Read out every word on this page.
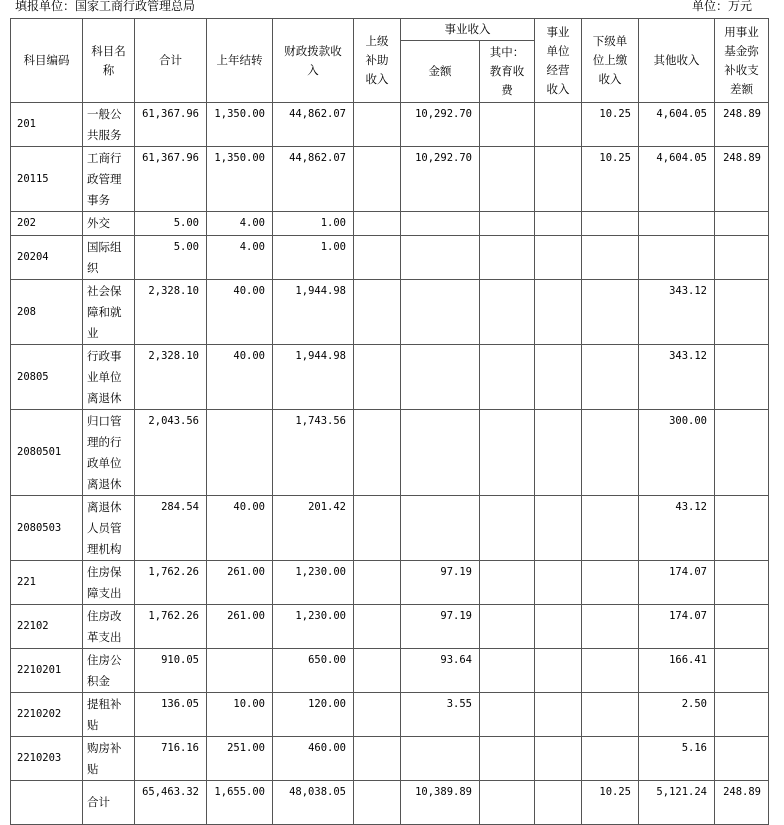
填报单位：国家工商行政管理总局	单位：万元
科目编码	科目名称	合计	上年结转	财政拨款收入	上级补助收入	事业收入		事业单位经营收入	下级单位上缴收入	其他收入	用事业基金弥补收支差额
						金额	其中：教育收费				
201	一般公共服务	61,367.96	1,350.00	44,862.07		10,292.70			10.25	4,604.05	248.89
20115	工商行政管理事务	61,367.96	1,350.00	44,862.07		10,292.70			10.25	4,604.05	248.89
202	外交	5.00	4.00	1.00							
20204	国际组织	5.00	4.00	1.00							
208	社会保障和就业	2,328.10	40.00	1,944.98						343.12	
20805	行政事业单位离退休	2,328.10	40.00	1,944.98						343.12	
2080501	归口管理的行政单位离退休	2,043.56		1,743.56						300.00	
2080503	离退休人员管理机构	284.54	40.00	201.42						43.12	
221	住房保障支出	1,762.26	261.00	1,230.00		97.19				174.07	
22102	住房改革支出	1,762.26	261.00	1,230.00		97.19				174.07	
2210201	住房公积金	910.05		650.00		93.64				166.41	
2210202	提租补贴	136.05	10.00	120.00		3.55				2.50	
2210203	购房补贴	716.16	251.00	460.00						5.16	
	合计	65,463.32	1,655.00	48,038.05		10,389.89			10.25	5,121.24	248.89
